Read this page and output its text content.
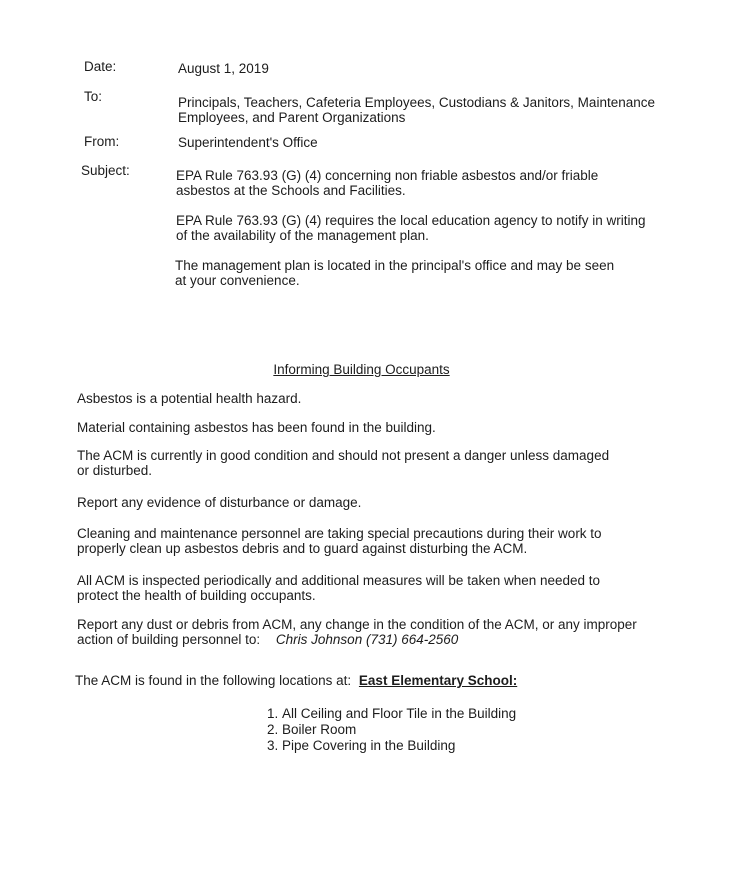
Date:	August 1, 2019
To:	Principals, Teachers, Cafeteria Employees, Custodians & Janitors, Maintenance Employees, and Parent Organizations
From:	Superintendent's Office
Subject:	EPA Rule 763.93 (G) (4) concerning non friable asbestos and/or friable asbestos at the Schools and Facilities.
EPA Rule 763.93 (G) (4) requires the local education agency to notify in writing of the availability of the management plan.
The management plan is located in the principal's office and may be seen at your convenience.
Informing Building Occupants
Asbestos is a potential health hazard.
Material containing asbestos has been found in the building.
The ACM is currently in good condition and should not present a danger unless damaged or disturbed.
Report any evidence of disturbance or damage.
Cleaning and maintenance personnel are taking special precautions during their work to properly clean up asbestos debris and to guard against disturbing the ACM.
All ACM is inspected periodically and additional measures will be taken when needed to protect the health of building occupants.
Report any dust or debris from ACM, any change in the condition of the ACM, or any improper action of building personnel to: Chris Johnson (731) 664-2560
The ACM is found in the following locations at: East Elementary School:
1. All Ceiling and Floor Tile in the Building
2. Boiler Room
3. Pipe Covering in the Building
